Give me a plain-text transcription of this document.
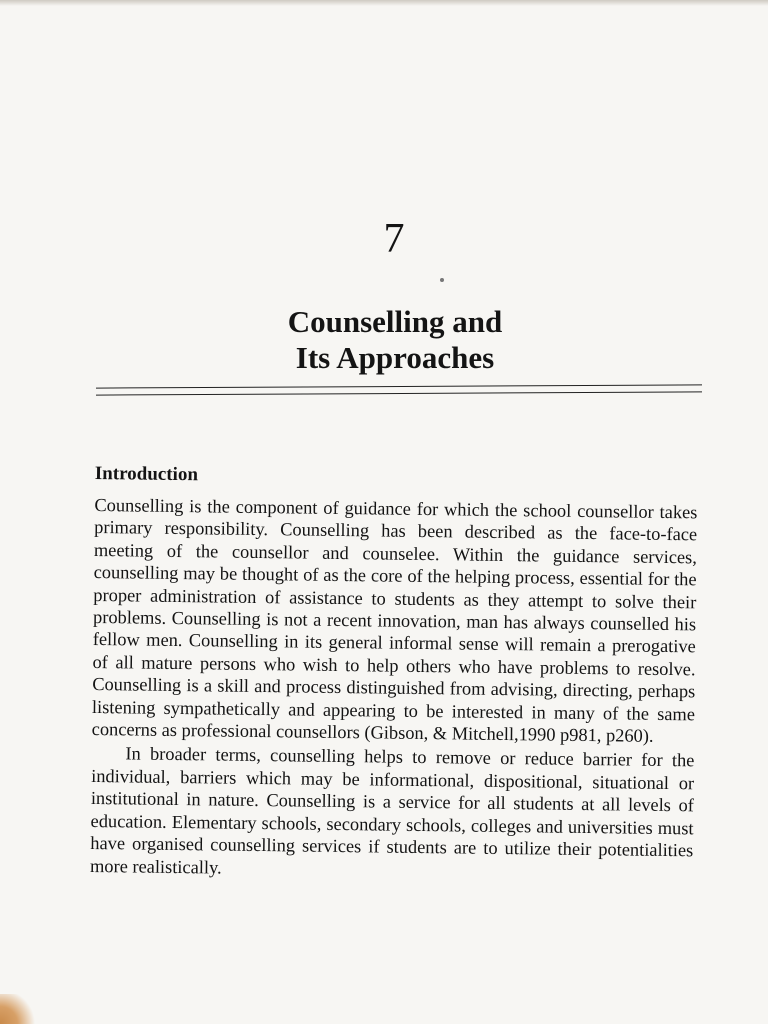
7
Counselling and
Its Approaches
Introduction

Counselling is the component of guidance for which the school counsellor takes primary responsibility. Counselling has been described as the face-to-face meeting of the counsellor and counselee. Within the guidance services, counselling may be thought of as the core of the helping process, essential for the proper administration of assistance to students as they attempt to solve their problems. Counselling is not a recent innovation, man has always counselled his fellow men. Counselling in its general informal sense will remain a prerogative of all mature persons who wish to help others who have problems to resolve. Counselling is a skill and process distinguished from advising, directing, perhaps listening sympathetically and appearing to be interested in many of the same concerns as professional counsellors (Gibson, & Mitchell,1990 p981, p260).

In broader terms, counselling helps to remove or reduce barrier for the individual, barriers which may be informational, dispositional, situational or institutional in nature. Counselling is a service for all students at all levels of education. Elementary schools, secondary schools, colleges and universities must have organised counselling services if students are to utilize their potentialities more realistically.
